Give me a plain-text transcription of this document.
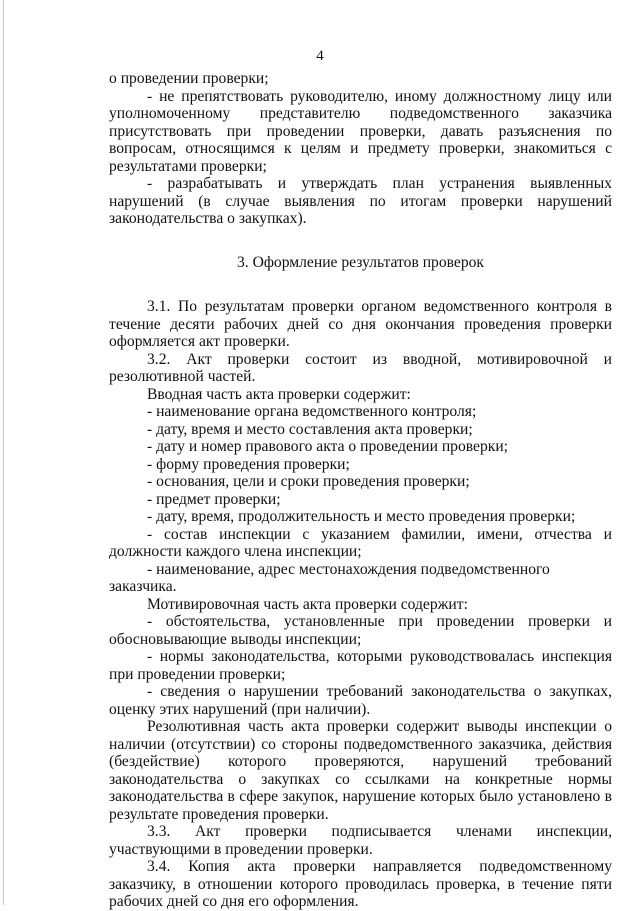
4

о проведении проверки;

- не препятствовать руководителю, иному должностному лицу или уполномоченному представителю подведомственного заказчика присутствовать при проведении проверки, давать разъяснения по вопросам, относящимся к целям и предмету проверки, знакомиться с результатами проверки;

- разрабатывать и утверждать план устранения выявленных нарушений (в случае выявления по итогам проверки нарушений законодательства о закупках).

3. Оформление результатов проверок

3.1. По результатам проверки органом ведомственного контроля в течение десяти рабочих дней со дня окончания проведения проверки оформляется акт проверки.

3.2. Акт проверки состоит из вводной, мотивировочной и резолютивной частей.

Вводная часть акта проверки содержит:

- наименование органа ведомственного контроля;

- дату, время и место составления акта проверки;

- дату и номер правового акта о проведении проверки;

- форму проведения проверки;

- основания, цели и сроки проведения проверки;

- предмет проверки;

- дату, время, продолжительность и место проведения проверки;

- состав инспекции с указанием фамилии, имени, отчества и должности каждого члена инспекции;

- наименование, адрес местонахождения подведомственного заказчика.

Мотивировочная часть акта проверки содержит:

- обстоятельства, установленные при проведении проверки и обосновывающие выводы инспекции;

- нормы законодательства, которыми руководствовалась инспекция при проведении проверки;

- сведения о нарушении требований законодательства о закупках, оценку этих нарушений (при наличии).

Резолютивная часть акта проверки содержит выводы инспекции о наличии (отсутствии) со стороны подведомственного заказчика, действия (бездействие) которого проверяются, нарушений требований законодательства о закупках со ссылками на конкретные нормы законодательства в сфере закупок, нарушение которых было установлено в результате проведения проверки.

3.3. Акт проверки подписывается членами инспекции, участвующими в проведении проверки.

3.4. Копия акта проверки направляется подведомственному заказчику, в отношении которого проводилась проверка, в течение пяти рабочих дней со дня его оформления.
